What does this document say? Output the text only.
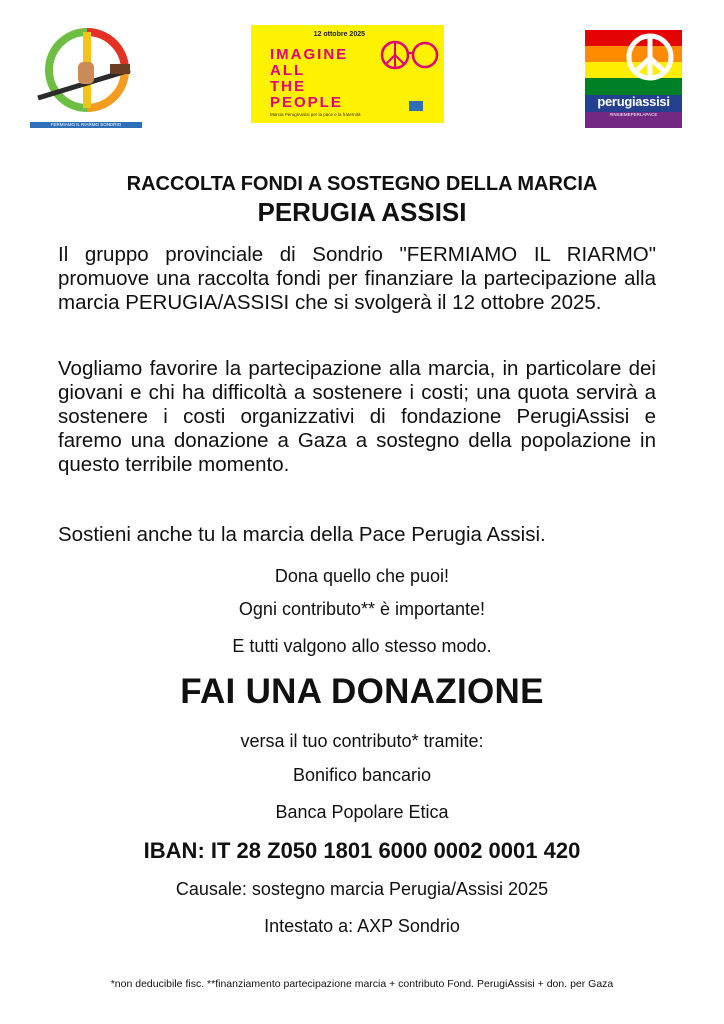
FERMIAMO IL RIARMO SONDRIO
12 ottobre 2025
IMAGINE
ALL
THE
PEOPLE
Marcia PerugiAssisi per la pace e la fraternità
perugiassisi
#INSIEMEPERLAPACE
RACCOLTA FONDI A SOSTEGNO DELLA MARCIA
PERUGIA ASSISI
Il gruppo provinciale di Sondrio "FERMIAMO IL RIARMO" promuove una raccolta fondi per finanziare la partecipazione alla marcia PERUGIA/ASSISI che si svolgerà il 12 ottobre 2025.
Vogliamo favorire la partecipazione alla marcia, in particolare dei giovani e chi ha difficoltà a sostenere i costi; una quota servirà a sostenere i costi organizzativi di fondazione PerugiAssisi e faremo una donazione a Gaza a sostegno della popolazione in questo terribile momento.
Sostieni anche tu la marcia della Pace Perugia Assisi.
Dona quello che puoi!
Ogni contributo** è importante!
E tutti valgono allo stesso modo.
FAI UNA DONAZIONE
versa il tuo contributo* tramite:
Bonifico bancario
Banca Popolare Etica
IBAN: IT 28 Z050 1801 6000 0002 0001 420
Causale: sostegno marcia Perugia/Assisi 2025
Intestato a: AXP Sondrio
*non deducibile fisc. **finanziamento partecipazione marcia + contributo Fond. PerugiAssisi + don. per Gaza
